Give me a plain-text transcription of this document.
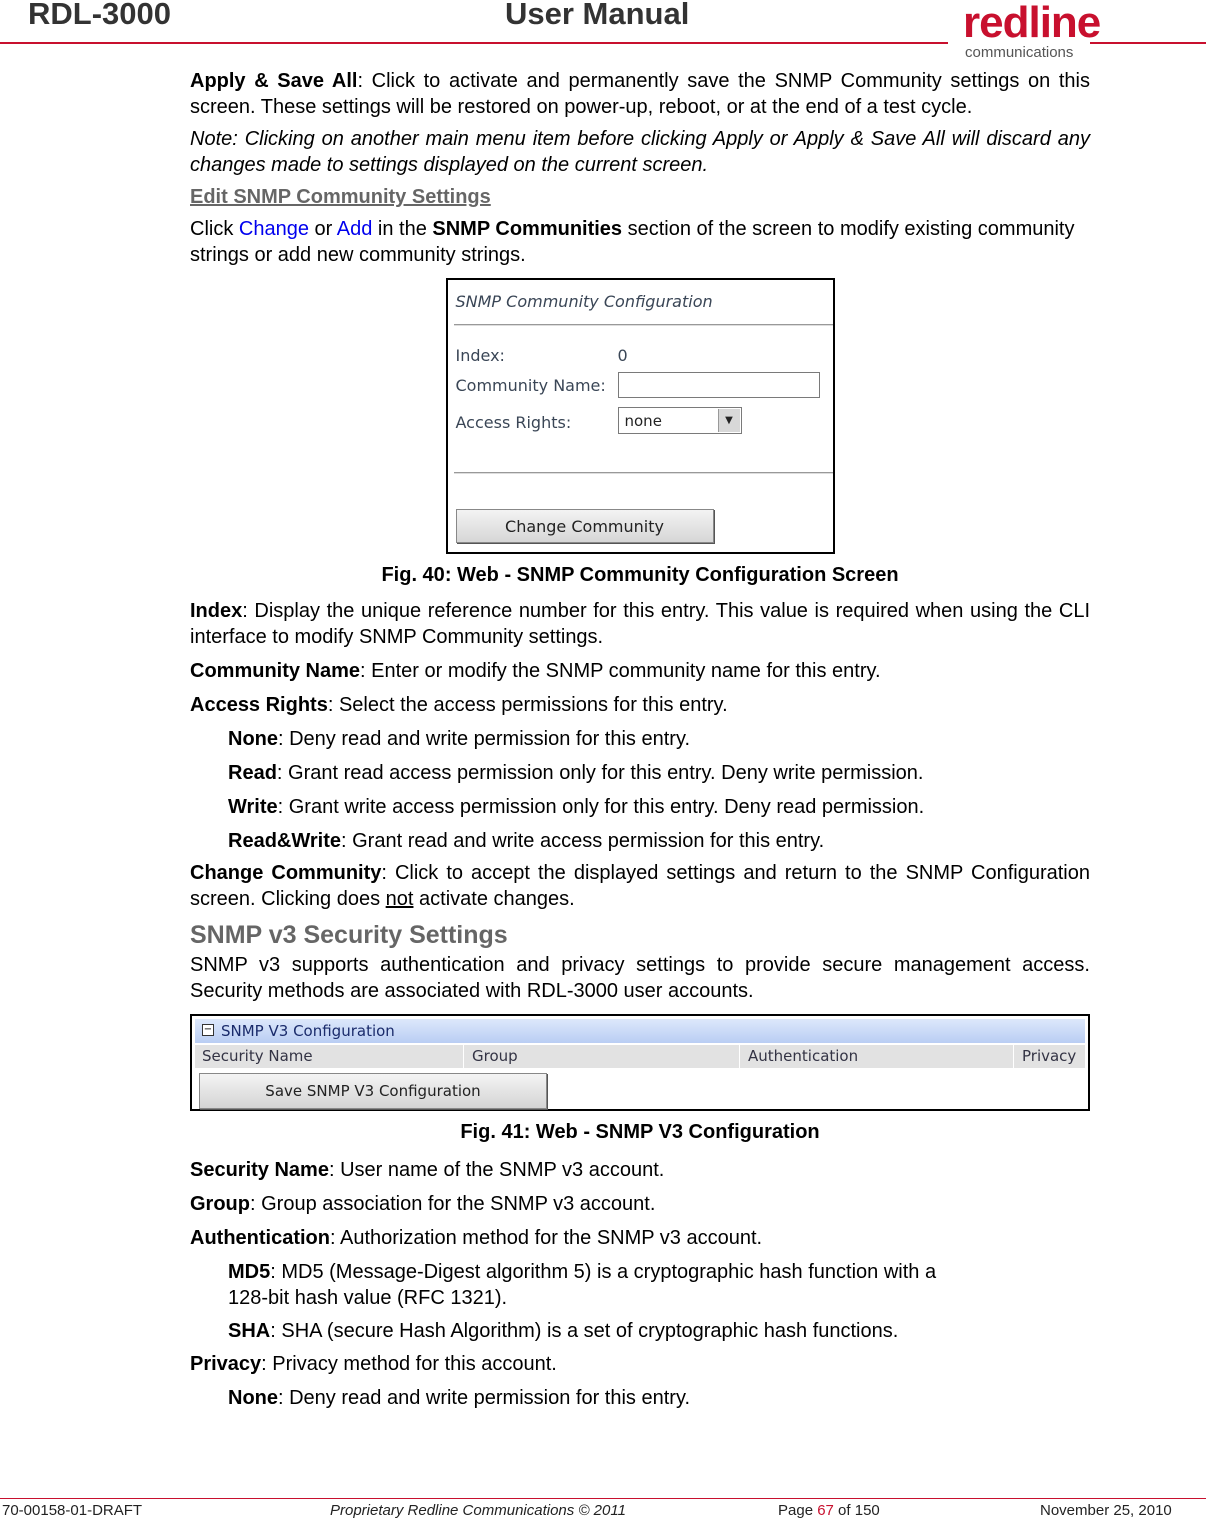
RDL-3000	User Manual	redline
communications

Apply & Save All: Click to activate and permanently save the SNMP Community settings on this screen. These settings will be restored on power-up, reboot, or at the end of a test cycle.

Note: Clicking on another main menu item before clicking Apply or Apply & Save All will discard any changes made to settings displayed on the current screen.

Edit SNMP Community Settings

Click Change or Add in the SNMP Communities section of the screen to modify existing community strings or add new community strings.

SNMP Community Configuration
Index:	0
Community Name:
Access Rights:	none	▼
Change Community

Fig. 40: Web - SNMP Community Configuration Screen

Index: Display the unique reference number for this entry. This value is required when using the CLI interface to modify SNMP Community settings.

Community Name: Enter or modify the SNMP community name for this entry.

Access Rights: Select the access permissions for this entry.

None: Deny read and write permission for this entry.

Read: Grant read access permission only for this entry. Deny write permission.

Write: Grant write access permission only for this entry. Deny read permission.

Read&Write: Grant read and write access permission for this entry.

Change Community: Click to accept the displayed settings and return to the SNMP Configuration screen. Clicking does not activate changes.

SNMP v3 Security Settings

SNMP v3 supports authentication and privacy settings to provide secure management access. Security methods are associated with RDL-3000 user accounts.

− SNMP V3 Configuration
Security Name	Group	Authentication	Privacy
Save SNMP V3 Configuration

Fig. 41: Web - SNMP V3 Configuration

Security Name: User name of the SNMP v3 account.

Group: Group association for the SNMP v3 account.

Authentication: Authorization method for the SNMP v3 account.

MD5: MD5 (Message-Digest algorithm 5) is a cryptographic hash function with a
128-bit hash value (RFC 1321).

SHA: SHA (secure Hash Algorithm) is a set of cryptographic hash functions.

Privacy: Privacy method for this account.

None: Deny read and write permission for this entry.

70-00158-01-DRAFT	Proprietary Redline Communications © 2011	Page 67 of 150	November 25, 2010
